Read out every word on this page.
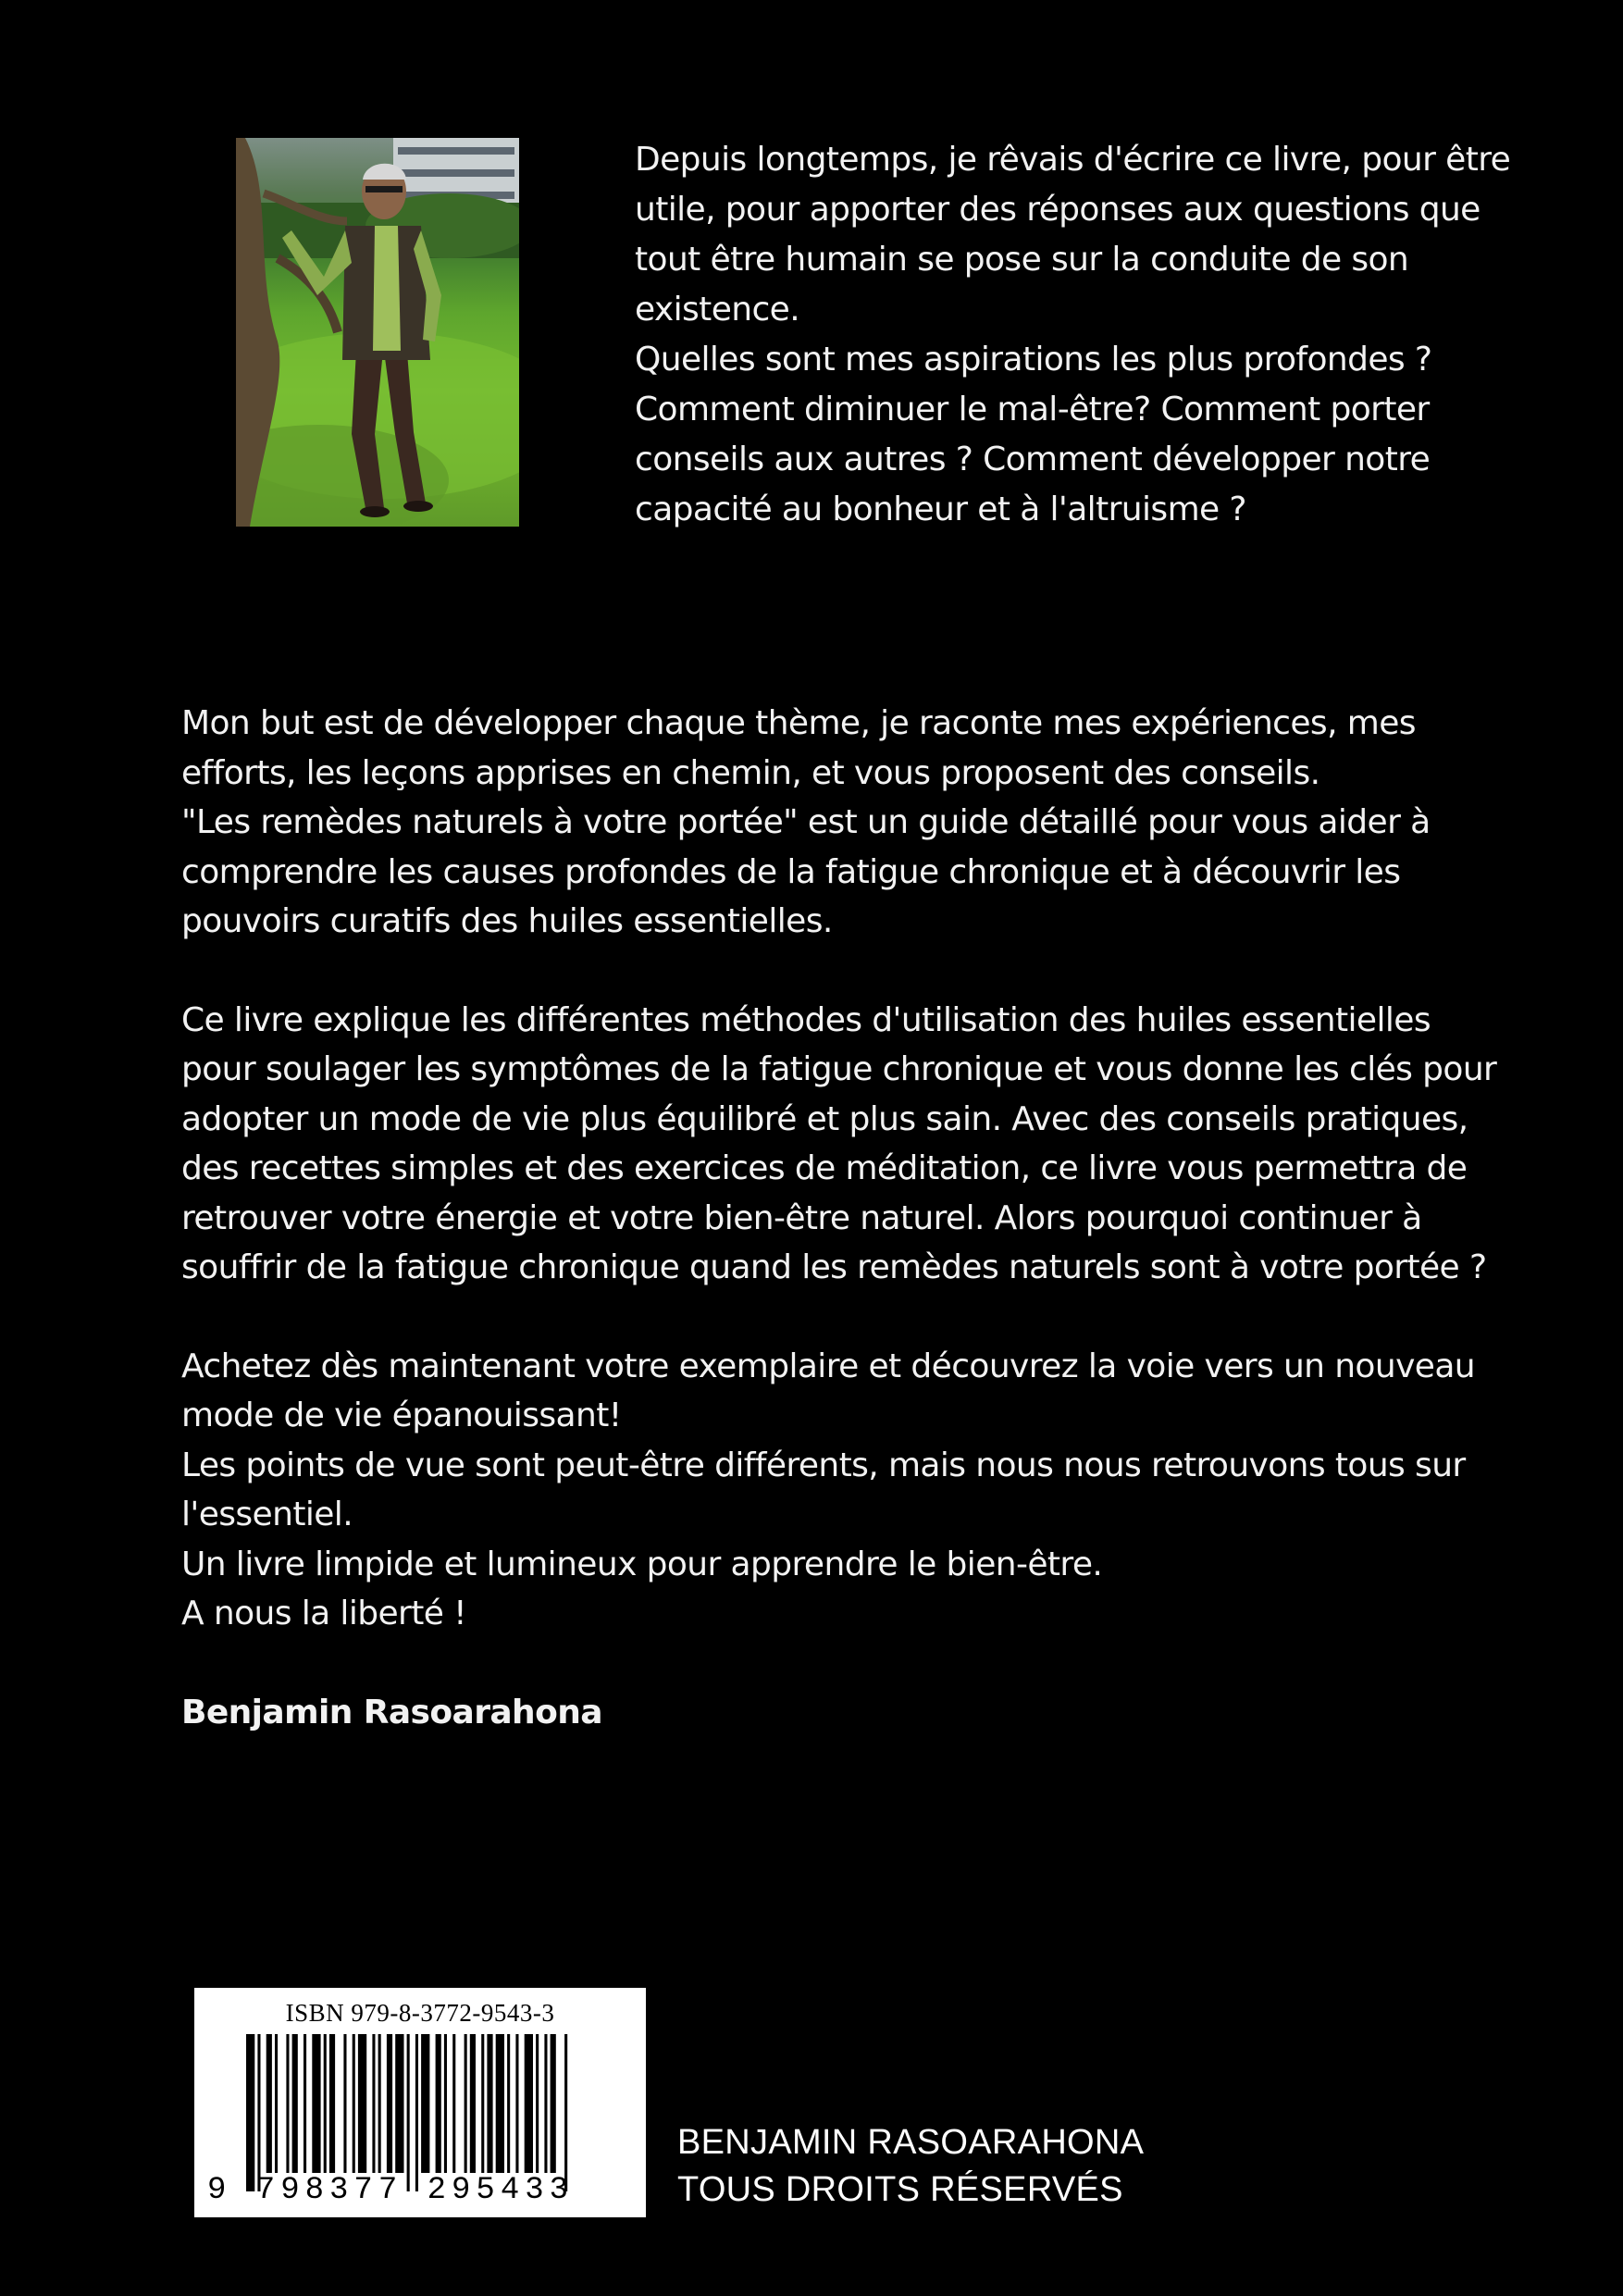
Depuis longtemps, je rêvais d'écrire ce livre, pour être

utile, pour apporter des réponses aux questions que

tout être humain se pose sur la conduite de son

existence.

Quelles sont mes aspirations les plus profondes ?

Comment diminuer le mal-être? Comment porter

conseils aux autres ? Comment développer notre

capacité au bonheur et à l'altruisme ?

Mon but est de développer chaque thème, je raconte mes expériences, mes

efforts, les leçons apprises en chemin, et vous proposent des conseils.

"Les remèdes naturels à votre portée" est un guide détaillé pour vous aider à

comprendre les causes profondes de la fatigue chronique et à découvrir les

pouvoirs curatifs des huiles essentielles.

Ce livre explique les différentes méthodes d'utilisation des huiles essentielles

pour soulager les symptômes de la fatigue chronique et vous donne les clés pour

adopter un mode de vie plus équilibré et plus sain. Avec des conseils pratiques,

des recettes simples et des exercices de méditation, ce livre vous permettra de

retrouver votre énergie et votre bien-être naturel. Alors pourquoi continuer à

souffrir de la fatigue chronique quand les remèdes naturels sont à votre portée ?

Achetez dès maintenant votre exemplaire et découvrez la voie vers un nouveau

mode de vie épanouissant!

Les points de vue sont peut-être différents, mais nous nous retrouvons tous sur

l'essentiel.

Un livre limpide et lumineux pour apprendre le bien-être.

A nous la liberté !

Benjamin Rasoarahona

ISBN 979-8-3772-9543-3
9 798377 295433
BENJAMIN RASOARAHONA
TOUS DROITS RÉSERVÉS
